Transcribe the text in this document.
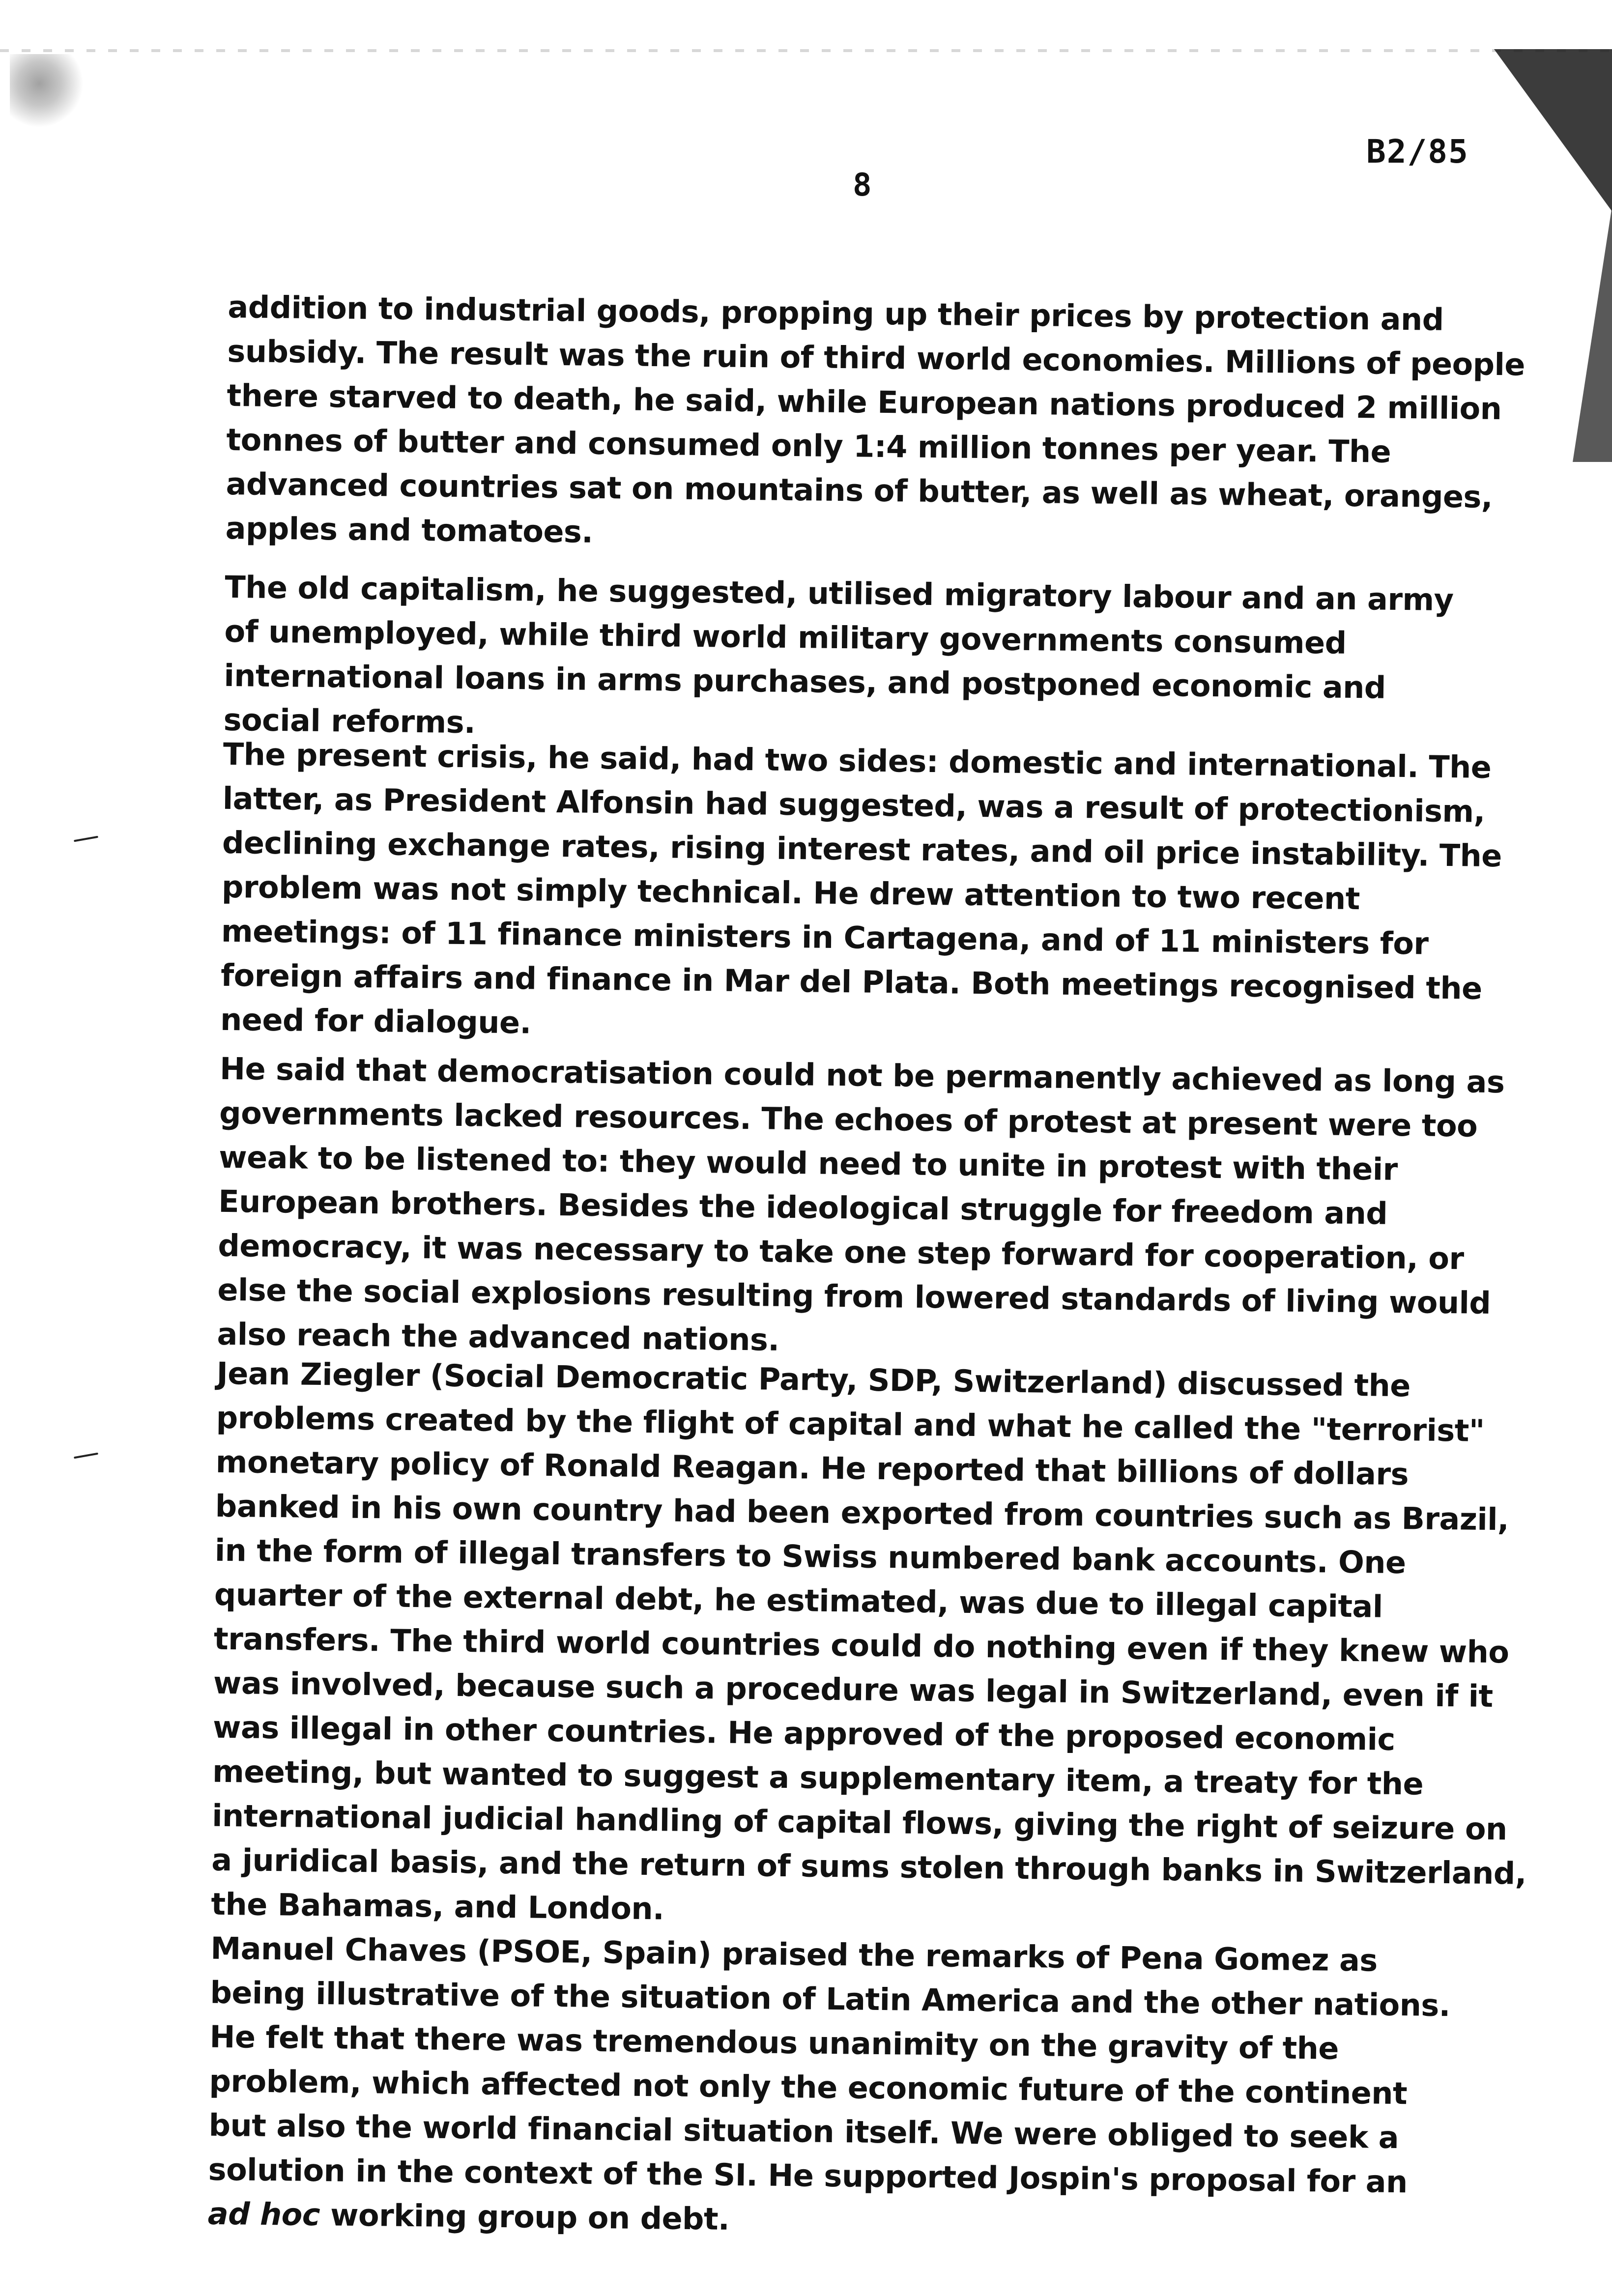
8
B2/85

addition to industrial goods, propping up their prices by protection and subsidy. The result was the ruin of third world economies. Millions of people there starved to death, he said, while European nations produced 2 million tonnes of butter and consumed only 1:4 million tonnes per year. The advanced countries sat on mountains of butter, as well as wheat, oranges, apples and tomatoes.

The old capitalism, he suggested, utilised migratory labour and an army of unemployed, while third world military governments consumed international loans in arms purchases, and postponed economic and social reforms.

The present crisis, he said, had two sides: domestic and international. The latter, as President Alfonsin had suggested, was a result of protectionism, declining exchange rates, rising interest rates, and oil price instability. The problem was not simply technical. He drew attention to two recent meetings: of 11 finance ministers in Cartagena, and of 11 ministers for foreign affairs and finance in Mar del Plata. Both meetings recognised the need for dialogue.

He said that democratisation could not be permanently achieved as long as governments lacked resources. The echoes of protest at present were too weak to be listened to: they would need to unite in protest with their European brothers. Besides the ideological struggle for freedom and democracy, it was necessary to take one step forward for cooperation, or else the social explosions resulting from lowered standards of living would also reach the advanced nations.

Jean Ziegler (Social Democratic Party, SDP, Switzerland) discussed the problems created by the flight of capital and what he called the "terrorist" monetary policy of Ronald Reagan. He reported that billions of dollars banked in his own country had been exported from countries such as Brazil, in the form of illegal transfers to Swiss numbered bank accounts. One quarter of the external debt, he estimated, was due to illegal capital transfers. The third world countries could do nothing even if they knew who was involved, because such a procedure was legal in Switzerland, even if it was illegal in other countries. He approved of the proposed economic meeting, but wanted to suggest a supplementary item, a treaty for the international judicial handling of capital flows, giving the right of seizure on a juridical basis, and the return of sums stolen through banks in Switzerland, the Bahamas, and London.

Manuel Chaves (PSOE, Spain) praised the remarks of Pena Gomez as being illustrative of the situation of Latin America and the other nations. He felt that there was tremendous unanimity on the gravity of the problem, which affected not only the economic future of the continent but also the world financial situation itself. We were obliged to seek a solution in the context of the SI. He supported Jospin's proposal for an ad hoc working group on debt.
